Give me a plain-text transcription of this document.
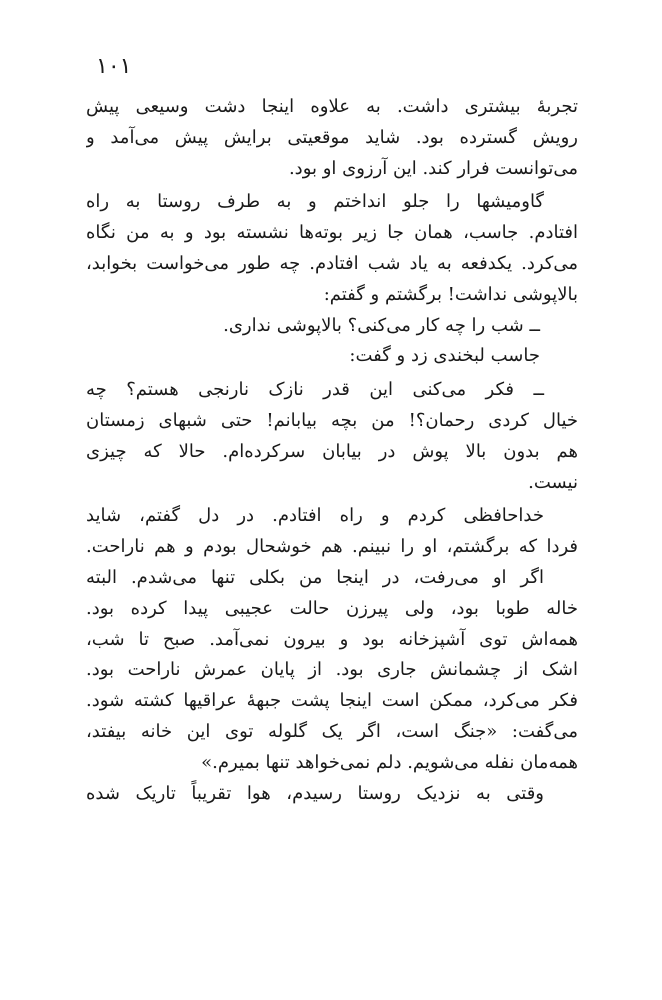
۱۰۱
تجربهٔ بیشتری داشت. به علاوه اینجا دشت وسیعی پیش
رویش گسترده بود. شاید موقعیتی برایش پیش می‌آمد و
می‌توانست فرار کند. این آرزوی او بود.
گاومیشها را جلو انداختم و به طرف روستا به راه
افتادم. جاسب، همان جا زیر بوته‌ها نشسته بود و به من نگاه
می‌کرد. یکدفعه به یاد شب افتادم. چه طور می‌خواست بخوابد،
بالاپوشی نداشت! برگشتم و گفتم:
ــ شب را چه کار می‌کنی؟ بالاپوشی نداری.
جاسب لبخندی زد و گفت:
ــ فکر می‌کنی این قدر نازک نارنجی هستم؟ چه
خیال کردی رحمان؟! من بچه بیابانم! حتی شبهای زمستان
هم بدون بالا پوش در بیابان سرکرده‌ام. حالا که چیزی
نیست.
خداحافظی کردم و راه افتادم. در دل گفتم، شاید
فردا که برگشتم، او را نبینم. هم خوشحال بودم و هم ناراحت.
اگر او می‌رفت، در اینجا من بکلی تنها می‌شدم. البته
خاله طوبا بود، ولی پیرزن حالت عجیبی پیدا کرده بود.
همه‌اش توی آشپزخانه بود و بیرون نمی‌آمد. صبح تا شب،
اشک از چشمانش جاری بود. از پایان عمرش ناراحت بود.
فکر می‌کرد، ممکن است اینجا پشت جبههٔ عراقیها کشته شود.
می‌گفت: «جنگ است، اگر یک گلوله توی این خانه بیفتد،
همه‌مان نفله می‌شویم. دلم نمی‌خواهد تنها بمیرم.»
وقتی به نزدیک روستا رسیدم، هوا تقریباً تاریک شده
